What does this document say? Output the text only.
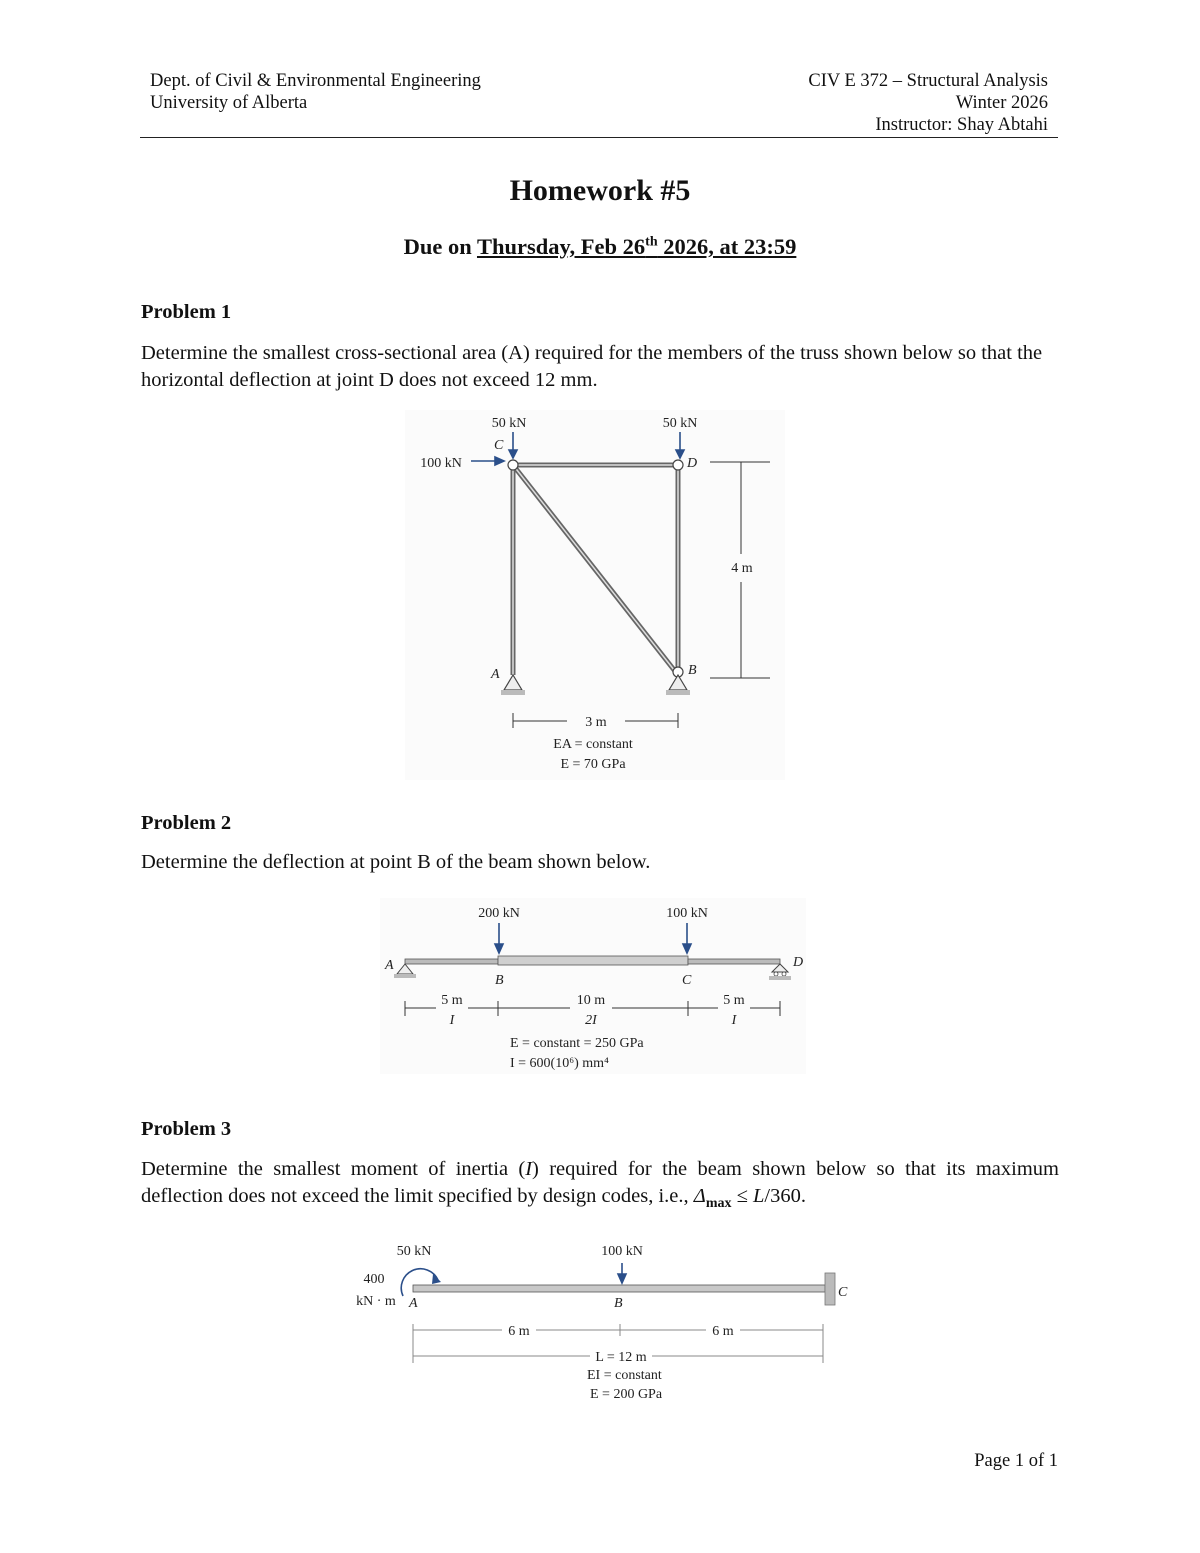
Dept. of Civil & Environmental Engineering
University of Alberta
CIV E 372 – Structural Analysis
Winter 2026
Instructor: Shay Abtahi
Homework #5
Due on Thursday, Feb 26th 2026, at 23:59
Problem 1
Determine the smallest cross-sectional area (A) required for the members of the truss shown below so that the horizontal deflection at joint D does not exceed 12 mm.
50 kN	50 kN
100 kN
C
D
A	B
4 m
3 m
EA = constant
E = 70 GPa
Problem 2
Determine the deflection at point B of the beam shown below.
200 kN	100 kN
A
B	C
D
5 m
I
10 m
2I
5 m
I
E = constant = 250 GPa
I = 600(10⁶) mm⁴
Problem 3
Determine the smallest moment of inertia (I) required for the beam shown below so that its maximum deflection does not exceed the limit specified by design codes, i.e., $\Delta_{max} \le L/360$.
50 kN	100 kN
400
kN · m A	B
C
6 m	6 m
L = 12 m
EI = constant
E = 200 GPa
Page 1 of 1
